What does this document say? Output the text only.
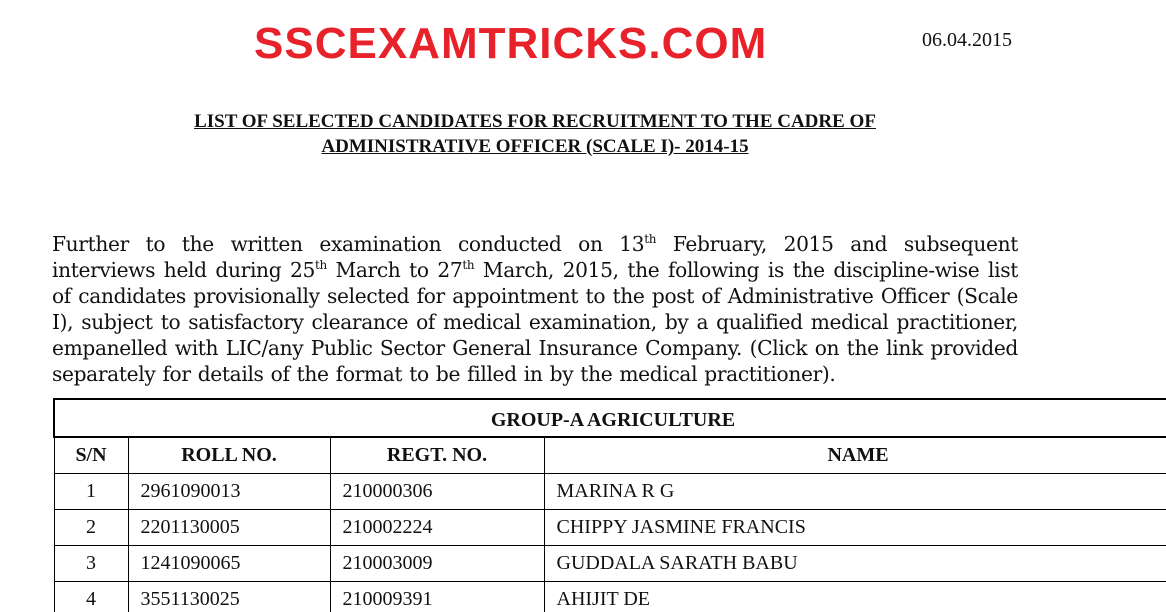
SSCEXAMTRICKS.COM	06.04.2015
LIST OF SELECTED CANDIDATES FOR RECRUITMENT TO THE CADRE OF
ADMINISTRATIVE OFFICER (SCALE I)- 2014-15

Further to the written examination conducted on 13th February, 2015 and subsequent interviews held during 25th March to 27th March, 2015, the following is the discipline-wise list of candidates provisionally selected for appointment to the post of Administrative Officer (Scale I), subject to satisfactory clearance of medical examination, by a qualified medical practitioner, empanelled with LIC/any Public Sector General Insurance Company. (Click on the link provided separately for details of the format to be filled in by the medical practitioner).

GROUP-A AGRICULTURE			
S/N	ROLL NO.	REGT. NO.	NAME
1	2961090013	210000306	MARINA R G
2	2201130005	210002224	CHIPPY JASMINE FRANCIS
3	1241090065	210003009	GUDDALA SARATH BABU
4	3551130025	210009391	AHIJIT DE
